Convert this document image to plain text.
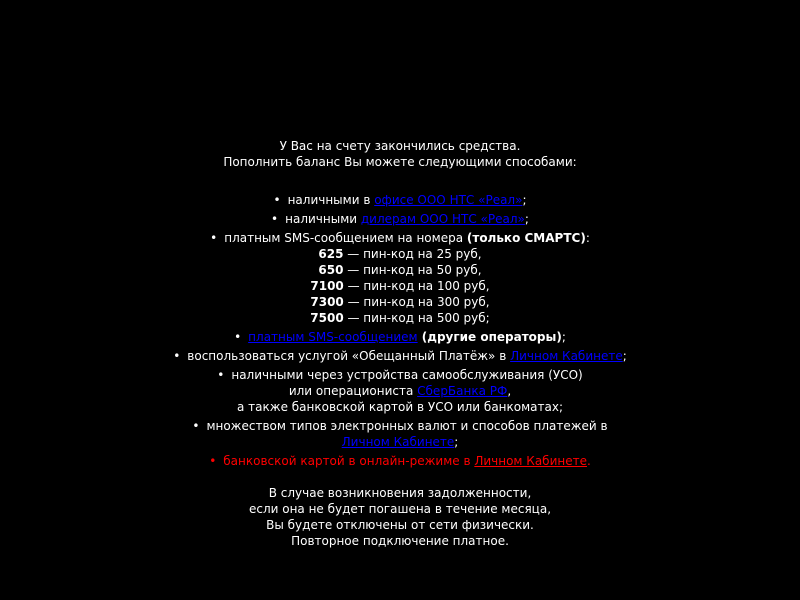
У Вас на счету закончились средства.
Пополнить баланс Вы можете следующими способами:
• наличными в офисе ООО НТС «Реал»;
• наличными дилерам ООО НТС «Реал»;
• платным SMS-сообщением на номера (только СМАРТС):
625 — пин-код на 25 руб,
650 — пин-код на 50 руб,
7100 — пин-код на 100 руб,
7300 — пин-код на 300 руб,
7500 — пин-код на 500 руб;
• платным SMS-сообщением (другие операторы);
• воспользоваться услугой «Обещанный Платёж» в Личном Кабинете;
• наличными через устройства самообслуживания (УСО)
или операциониста СберБанка РФ,
а также банковской картой в УСО или банкоматах;
• множеством типов электронных валют и способов платежей в
Личном Кабинете;
• банковской картой в онлайн-режиме в Личном Кабинете.
В случае возникновения задолженности,
если она не будет погашена в течение месяца,
Вы будете отключены от сети физически.
Повторное подключение платное.
